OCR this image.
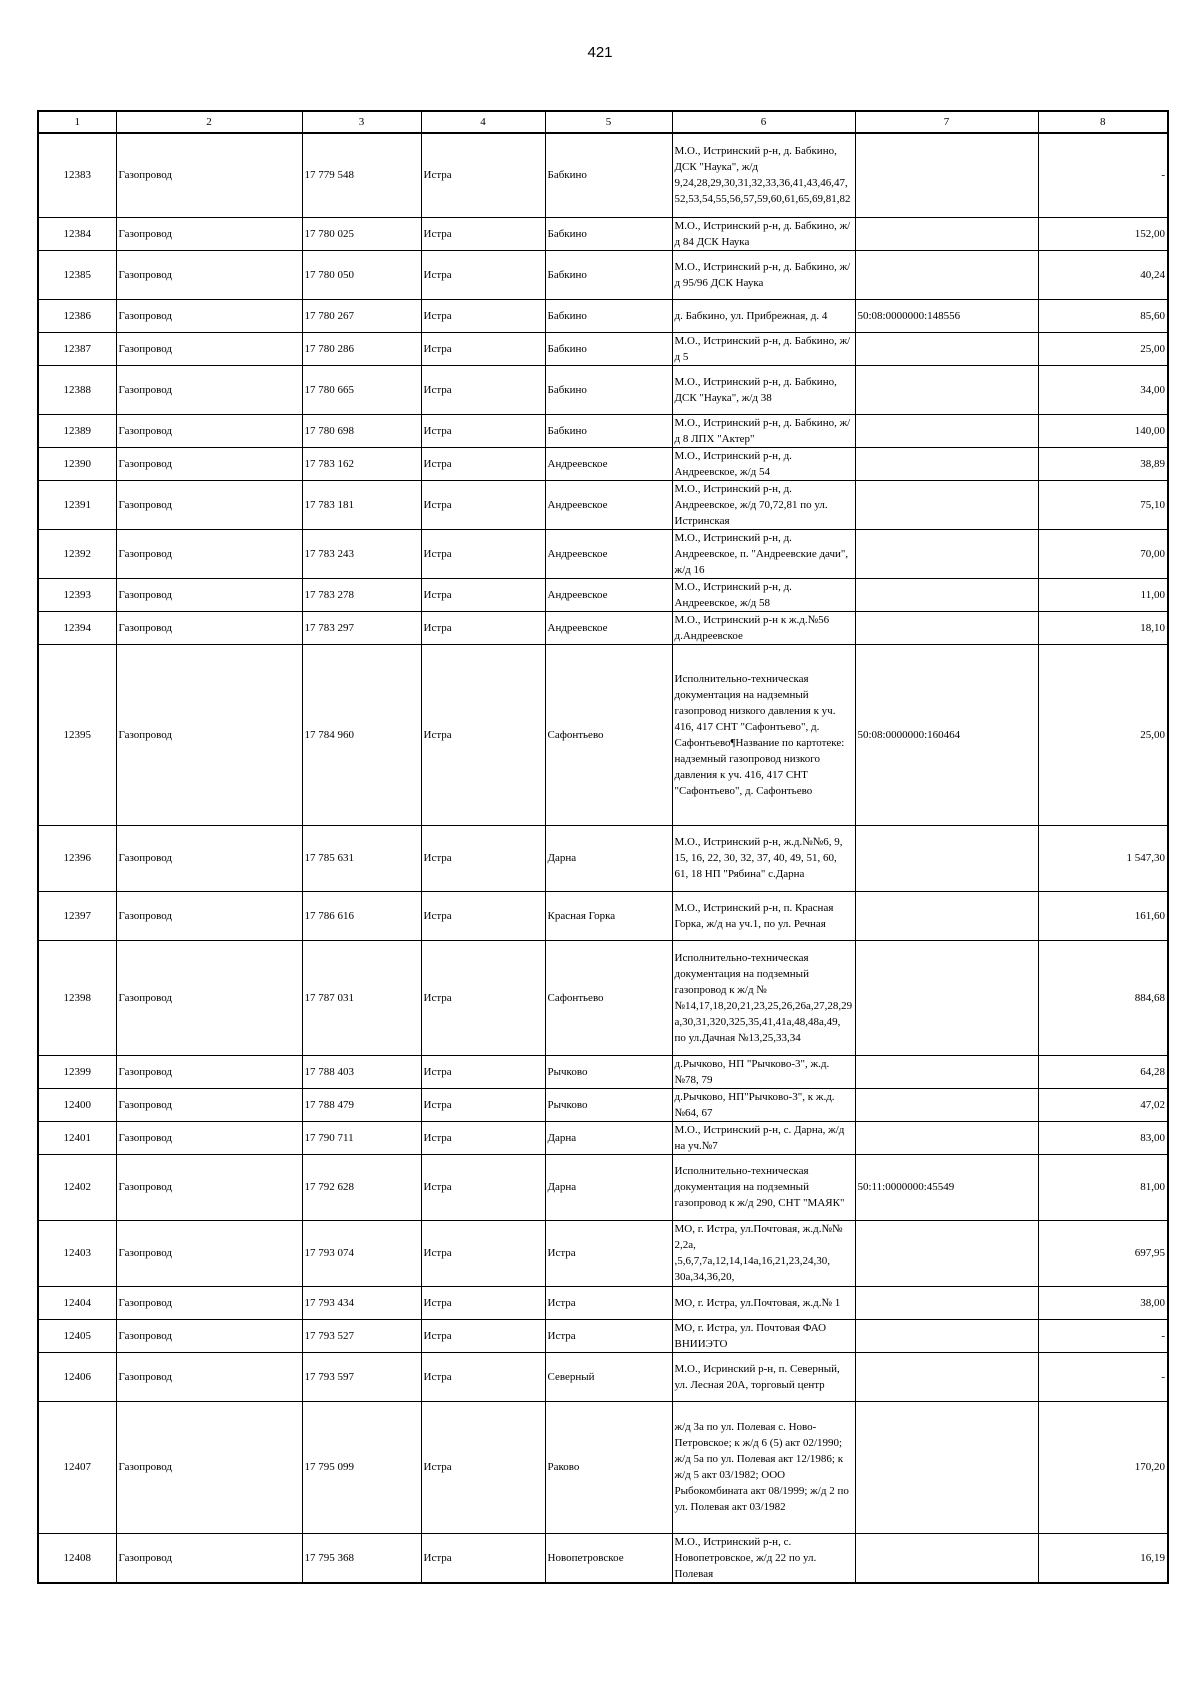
421
1	2	3	4	5	6	7	8
12383	Газопровод	17 779 548	Истра	Бабкино	М.О., Истринский р-н, д. Бабкино, ДСК "Наука", ж/д 9,24,28,29,30,31,32,33,36,41,43,46,47,52,53,54,55,56,57,59,60,61,65,69,81,82		-
12384	Газопровод	17 780 025	Истра	Бабкино	М.О., Истринский р-н, д. Бабкино, ж/д 84 ДСК Наука		152,00
12385	Газопровод	17 780 050	Истра	Бабкино	М.О., Истринский р-н, д. Бабкино, ж/д 95/96 ДСК Наука		40,24
12386	Газопровод	17 780 267	Истра	Бабкино	д. Бабкино, ул. Прибрежная, д. 4	50:08:0000000:148556	85,60
12387	Газопровод	17 780 286	Истра	Бабкино	М.О., Истринский р-н, д. Бабкино, ж/д 5		25,00
12388	Газопровод	17 780 665	Истра	Бабкино	М.О., Истринский р-н, д. Бабкино, ДСК "Наука", ж/д 38		34,00
12389	Газопровод	17 780 698	Истра	Бабкино	М.О., Истринский р-н, д. Бабкино, ж/д 8 ЛПХ "Актер"		140,00
12390	Газопровод	17 783 162	Истра	Андреевское	М.О., Истринский р-н, д. Андреевское, ж/д 54		38,89
12391	Газопровод	17 783 181	Истра	Андреевское	М.О., Истринский р-н, д. Андреевское, ж/д 70,72,81 по ул. Истринская		75,10
12392	Газопровод	17 783 243	Истра	Андреевское	М.О., Истринский р-н, д. Андреевское, п. "Андреевские дачи", ж/д 16		70,00
12393	Газопровод	17 783 278	Истра	Андреевское	М.О., Истринский р-н, д. Андреевское, ж/д 58		11,00
12394	Газопровод	17 783 297	Истра	Андреевское	М.О., Истринский р-н к ж.д.№56 д.Андреевское		18,10
12395	Газопровод	17 784 960	Истра	Сафонтьево	Исполнительно-техническая документация на надземный газопровод низкого давления к уч. 416, 417 СНТ "Сафонтьево", д. Сафонтьево¶Название по картотеке: надземный газопровод низкого давления к уч. 416, 417 СНТ "Сафонтьево", д. Сафонтьево	50:08:0000000:160464	25,00
12396	Газопровод	17 785 631	Истра	Дарна	М.О., Истринский р-н, ж.д.№№6, 9, 15, 16, 22, 30, 32, 37, 40, 49, 51, 60, 61, 18 НП "Рябина" с.Дарна		1 547,30
12397	Газопровод	17 786 616	Истра	Красная Горка	М.О., Истринский р-н, п. Красная Горка, ж/д на уч.1, по ул. Речная		161,60
12398	Газопровод	17 787 031	Истра	Сафонтьево	Исполнительно-техническая документация на подземный газопровод к ж/д №№14,17,18,20,21,23,25,26,26а,27,28,29а,30,31,320,325,35,41,41а,48,48а,49, по ул.Дачная №13,25,33,34		884,68
12399	Газопровод	17 788 403	Истра	Рычково	д.Рычково, НП "Рычково-3", ж.д.№78, 79		64,28
12400	Газопровод	17 788 479	Истра	Рычково	д.Рычково, НП"Рычково-3", к ж.д.№64, 67		47,02
12401	Газопровод	17 790 711	Истра	Дарна	М.О., Истринский р-н, с. Дарна, ж/д на уч.№7		83,00
12402	Газопровод	17 792 628	Истра	Дарна	Исполнительно-техническая документация на подземный газопровод к ж/д 290, СНТ "МАЯК"	50:11:0000000:45549	81,00
12403	Газопровод	17 793 074	Истра	Истра	МО, г. Истра, ул.Почтовая, ж.д.№№ 2,2а, ,5,6,7,7а,12,14,14а,16,21,23,24,30, 30а,34,36,20,		697,95
12404	Газопровод	17 793 434	Истра	Истра	МО, г. Истра, ул.Почтовая, ж.д.№ 1		38,00
12405	Газопровод	17 793 527	Истра	Истра	МО, г. Истра, ул. Почтовая ФАО ВНИИЭТО		-
12406	Газопровод	17 793 597	Истра	Северный	М.О., Исринский р-н, п. Северный, ул. Лесная 20А, торговый центр		-
12407	Газопровод	17 795 099	Истра	Раково	ж/д 3а по ул. Полевая с. Ново-Петровское; к ж/д 6 (5) акт 02/1990; ж/д 5а по ул. Полевая акт 12/1986; к ж/д 5 акт 03/1982; ООО Рыбокомбината акт 08/1999; ж/д 2 по ул. Полевая акт 03/1982		170,20
12408	Газопровод	17 795 368	Истра	Новопетровское	М.О., Истринский р-н, с. Новопетровское, ж/д 22 по ул. Полевая		16,19
